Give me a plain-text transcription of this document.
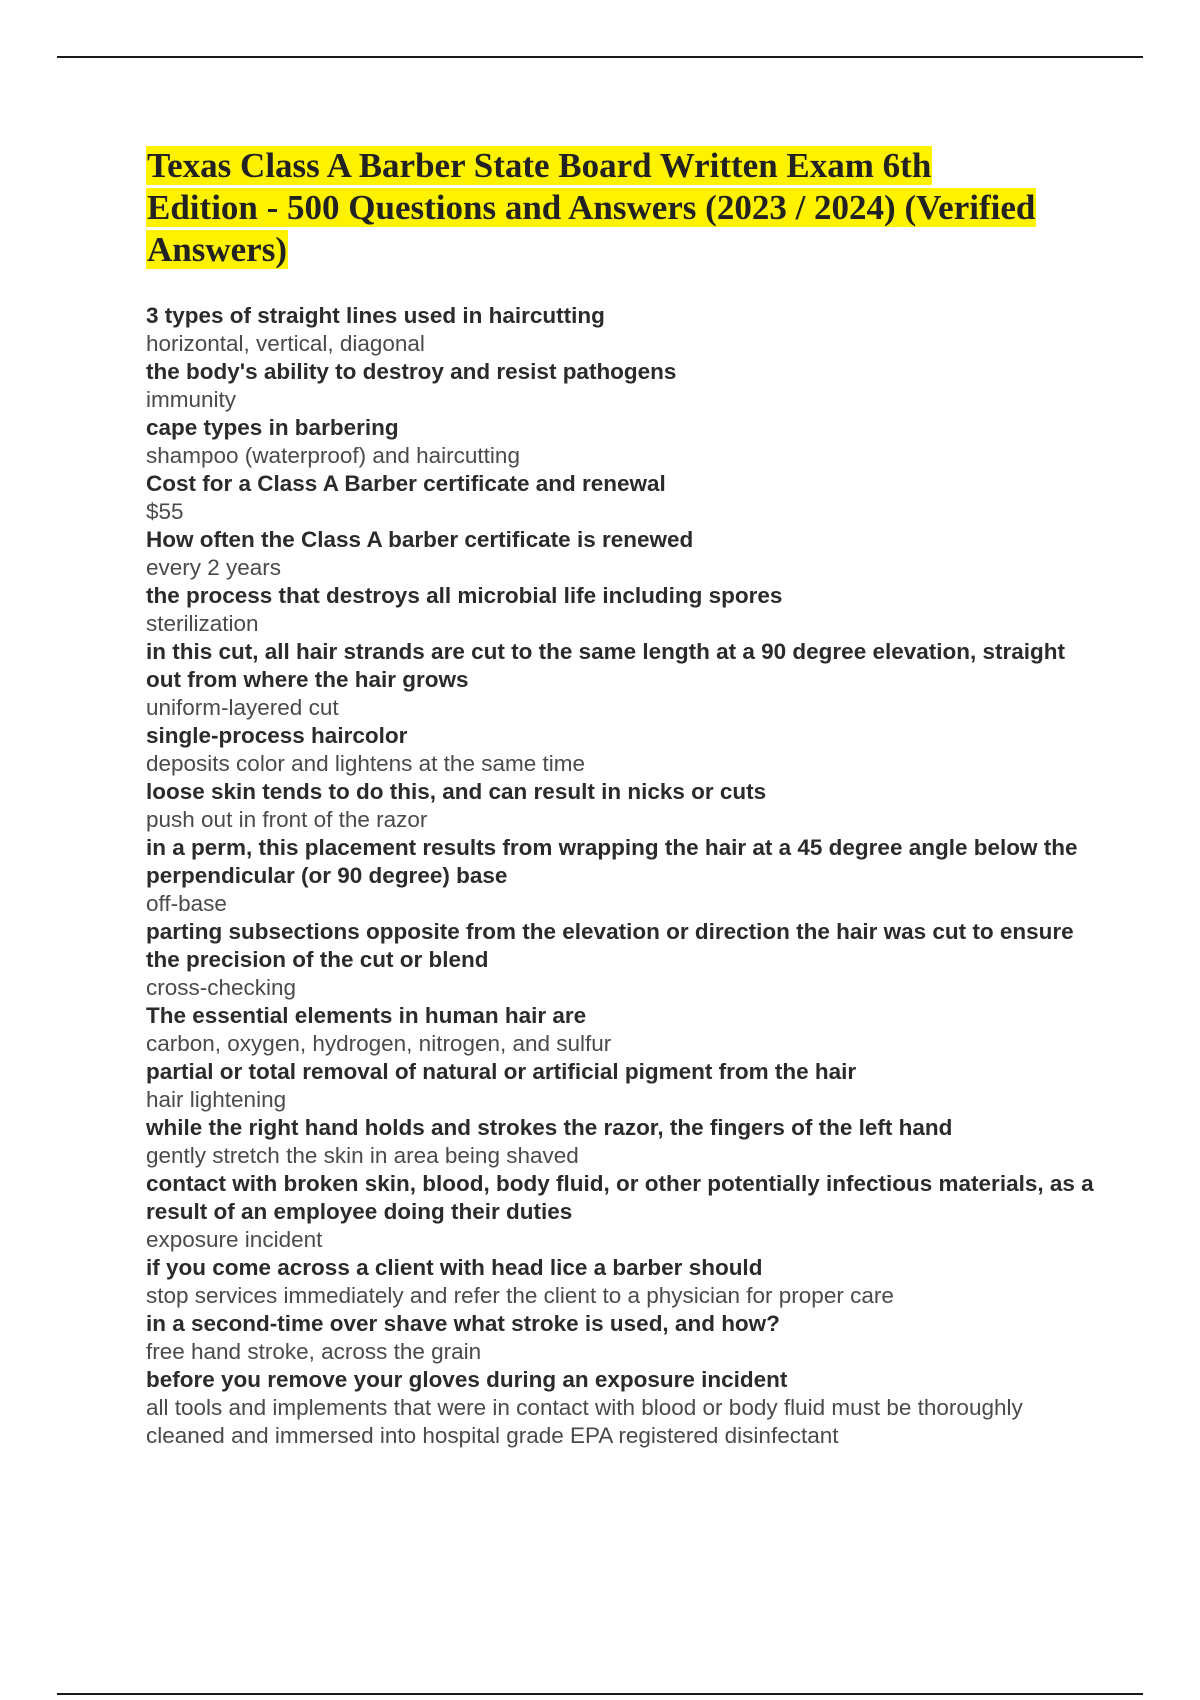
Texas Class A Barber State Board Written Exam 6th Edition - 500 Questions and Answers (2023 / 2024) (Verified Answers)
3 types of straight lines used in haircutting
horizontal, vertical, diagonal
the body's ability to destroy and resist pathogens
immunity
cape types in barbering
shampoo (waterproof) and haircutting
Cost for a Class A Barber certificate and renewal
$55
How often the Class A barber certificate is renewed
every 2 years
the process that destroys all microbial life including spores
sterilization
in this cut, all hair strands are cut to the same length at a 90 degree elevation, straight out from where the hair grows
uniform-layered cut
single-process haircolor
deposits color and lightens at the same time
loose skin tends to do this, and can result in nicks or cuts
push out in front of the razor
in a perm, this placement results from wrapping the hair at a 45 degree angle below the perpendicular (or 90 degree) base
off-base
parting subsections opposite from the elevation or direction the hair was cut to ensure the precision of the cut or blend
cross-checking
The essential elements in human hair are
carbon, oxygen, hydrogen, nitrogen, and sulfur
partial or total removal of natural or artificial pigment from the hair
hair lightening
while the right hand holds and strokes the razor, the fingers of the left hand
gently stretch the skin in area being shaved
contact with broken skin, blood, body fluid, or other potentially infectious materials, as a result of an employee doing their duties
exposure incident
if you come across a client with head lice a barber should
stop services immediately and refer the client to a physician for proper care
in a second-time over shave what stroke is used, and how?
free hand stroke, across the grain
before you remove your gloves during an exposure incident
all tools and implements that were in contact with blood or body fluid must be thoroughly cleaned and immersed into hospital grade EPA registered disinfectant
